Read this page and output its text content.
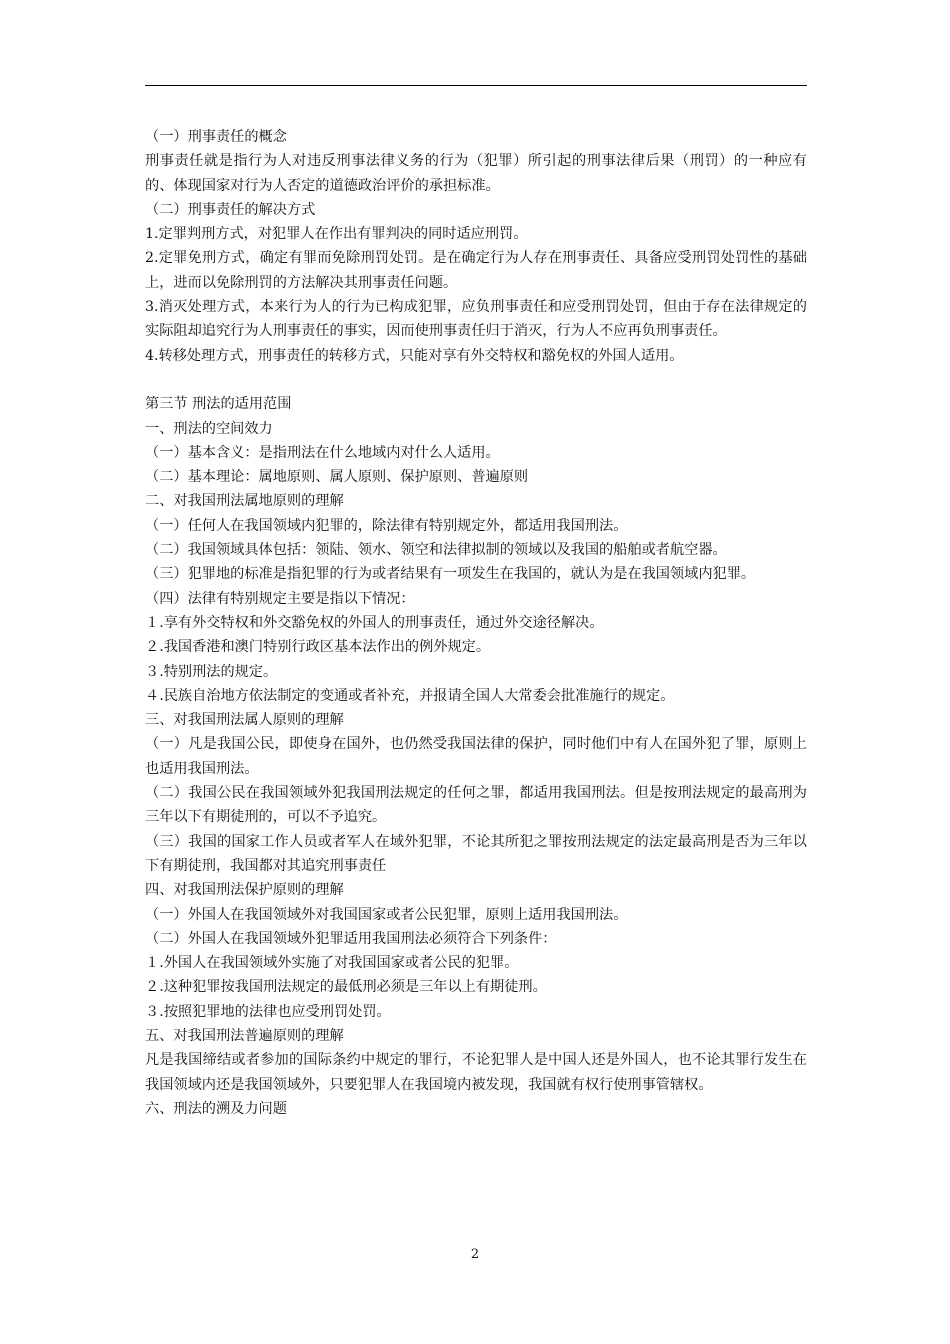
（一）刑事责任的概念
刑事责任就是指行为人对违反刑事法律义务的行为（犯罪）所引起的刑事法律后果（刑罚）的一种应有的、体现国家对行为人否定的道德政治评价的承担标准。
（二）刑事责任的解决方式
1.定罪判刑方式，对犯罪人在作出有罪判决的同时适应刑罚。
2.定罪免刑方式，确定有罪而免除刑罚处罚。是在确定行为人存在刑事责任、具备应受刑罚处罚性的基础上，进而以免除刑罚的方法解决其刑事责任问题。
3.消灭处理方式，本来行为人的行为已构成犯罪，应负刑事责任和应受刑罚处罚，但由于存在法律规定的实际阻却追究行为人刑事责任的事实，因而使刑事责任归于消灭，行为人不应再负刑事责任。
4.转移处理方式，刑事责任的转移方式，只能对享有外交特权和豁免权的外国人适用。
第三节 刑法的适用范围
一、刑法的空间效力
（一）基本含义：是指刑法在什么地域内对什么人适用。
（二）基本理论：属地原则、属人原则、保护原则、普遍原则
二、对我国刑法属地原则的理解
（一）任何人在我国领域内犯罪的，除法律有特别规定外，都适用我国刑法。
（二）我国领域具体包括：领陆、领水、领空和法律拟制的领域以及我国的船舶或者航空器。
（三）犯罪地的标准是指犯罪的行为或者结果有一项发生在我国的，就认为是在我国领域内犯罪。
（四）法律有特别规定主要是指以下情况：
１.享有外交特权和外交豁免权的外国人的刑事责任，通过外交途径解决。
２.我国香港和澳门特别行政区基本法作出的例外规定。
３.特别刑法的规定。
４.民族自治地方依法制定的变通或者补充，并报请全国人大常委会批准施行的规定。
三、对我国刑法属人原则的理解
（一）凡是我国公民，即使身在国外，也仍然受我国法律的保护，同时他们中有人在国外犯了罪，原则上也适用我国刑法。
（二）我国公民在我国领域外犯我国刑法规定的任何之罪，都适用我国刑法。但是按刑法规定的最高刑为三年以下有期徒刑的，可以不予追究。
（三）我国的国家工作人员或者军人在域外犯罪，不论其所犯之罪按刑法规定的法定最高刑是否为三年以下有期徒刑，我国都对其追究刑事责任
四、对我国刑法保护原则的理解
（一）外国人在我国领域外对我国国家或者公民犯罪，原则上适用我国刑法。
（二）外国人在我国领域外犯罪适用我国刑法必须符合下列条件：
１.外国人在我国领域外实施了对我国国家或者公民的犯罪。
２.这种犯罪按我国刑法规定的最低刑必须是三年以上有期徒刑。
３.按照犯罪地的法律也应受刑罚处罚。
五、对我国刑法普遍原则的理解
凡是我国缔结或者参加的国际条约中规定的罪行，不论犯罪人是中国人还是外国人，也不论其罪行发生在我国领域内还是我国领域外，只要犯罪人在我国境内被发现，我国就有权行使刑事管辖权。
六、刑法的溯及力问题
2
